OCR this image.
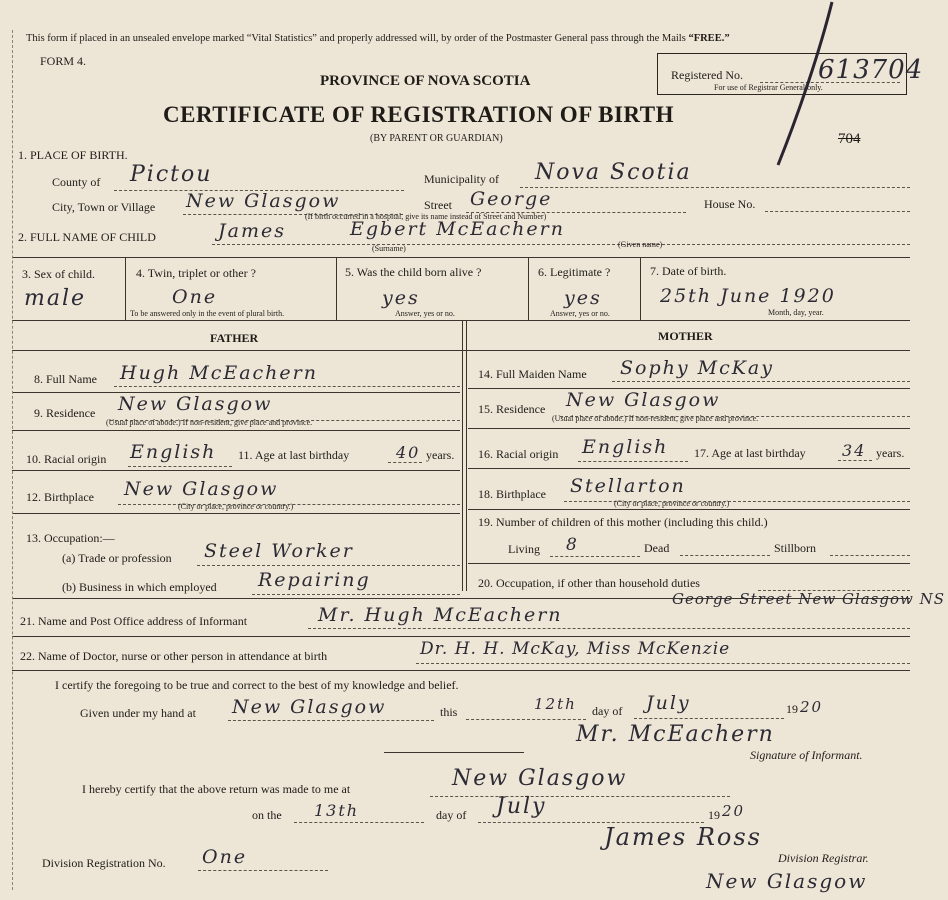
This form if placed in an unsealed envelope marked “Vital Statistics” and properly addressed will, by order of the Postmaster General pass through the Mails “FREE.”
FORM 4.
PROVINCE OF NOVA SCOTIA
CERTIFICATE OF REGISTRATION OF BIRTH
(BY PARENT OR GUARDIAN)
Registered No.	613704
For use of Registrar General only.
704
1. PLACE OF BIRTH.
County of Pictou	Municipality of Nova Scotia
City, Town or Village New Glasgow	Street George	House No.
(If birth occurred in a hospital, give its name instead of Street and Number)
2. FULL NAME OF CHILD	James	Egbert McEachern
(Surname)	(Given name)
3. Sex of child.
male
4. Twin, triplet or other ?
One
To be answered only in the event of plural birth.
5. Was the child born alive ?
yes
Answer, yes or no.
6. Legitimate ?
yes
Answer, yes or no.
7. Date of birth.
25th June 1920
Month, day, year.
FATHER	MOTHER
8. Full Name Hugh McEachern
9. Residence New Glasgow
(Usual place of abode.) If non-resident, give place and province.
10. Racial origin English 11. Age at last birthday	40 years.
12. Birthplace New Glasgow
(City or place, province or country.)
13. Occupation:—
(a) Trade or profession Steel Worker
(b) Business in which employed Repairing
14. Full Maiden Name Sophy McKay
15. Residence New Glasgow
(Usual place of abode.) If non-resident, give place and province.
16. Racial origin English 17. Age at last birthday 34 years.
18. Birthplace Stellarton
(City or place, province or country.)
19. Number of children of this mother (including this child.)
Living 8	Dead	Stillborn
20. Occupation, if other than household duties
21. Name and Post Office address of Informant	Mr. Hugh McEachern
George Street New Glasgow NS
22. Name of Doctor, nurse or other person in attendance at birth	Dr. H. H. McKay, Miss McKenzie
I certify the foregoing to be true and correct to the best of my knowledge and belief.
Given under my hand at New Glasgow	this	12th day of July	19 20
Mr. McEachern
Signature of Informant.
I hereby certify that the above return was made to me at	New Glasgow
on the 13th	day of July	19 20
James Ross
Division Registrar.
New Glasgow
Division Registration No. One
